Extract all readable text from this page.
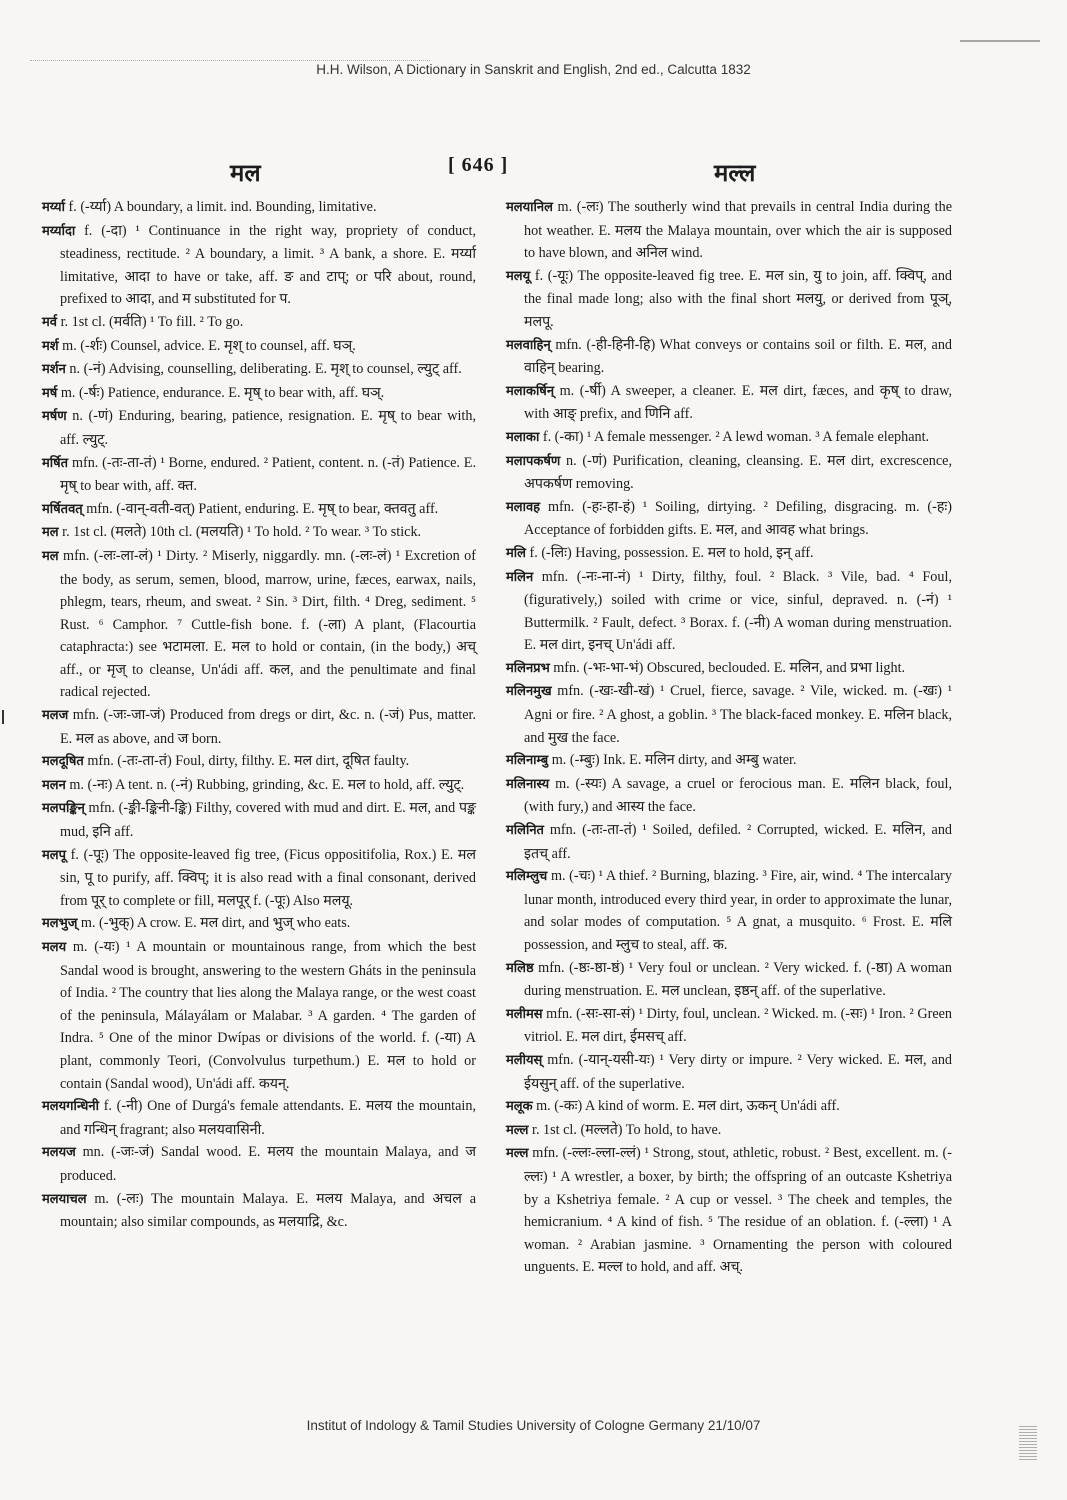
H.H. Wilson, A Dictionary in Sanskrit and English, 2nd ed., Calcutta 1832
मल	[ 646 ]	मल्ल

मर्य्या f. (-र्य्या) A boundary, a limit. ind. Bounding, limitative.

मर्य्यादा f. (-दा) ¹ Continuance in the right way, propriety of conduct, steadiness, rectitude. ² A boundary, a limit. ³ A bank, a shore. E. मर्य्या limitative, आदा to have or take, aff. ङ and टाप्; or परि about, round, prefixed to आदा, and म substituted for प.

मर्व r. 1st cl. (मर्वति) ¹ To fill. ² To go.

मर्श m. (-र्शः) Counsel, advice. E. मृश् to counsel, aff. घञ्.

मर्शन n. (-नं) Advising, counselling, deliberating. E. मृश् to counsel, ल्युट् aff.

मर्ष m. (-र्षः) Patience, endurance. E. मृष् to bear with, aff. घञ्.

मर्षण n. (-णं) Enduring, bearing, patience, resignation. E. मृष् to bear with, aff. ल्युट्.

मर्षित mfn. (-तः-ता-तं) ¹ Borne, endured. ² Patient, content. n. (-तं) Patience. E. मृष् to bear with, aff. क्त.

मर्षितवत् mfn. (-वान्-वती-वत्) Patient, enduring. E. मृष् to bear, क्तवतु aff.

मल r. 1st cl. (मलते) 10th cl. (मलयति) ¹ To hold. ² To wear. ³ To stick.

मल mfn. (-लः-ला-लं) ¹ Dirty. ² Miserly, niggardly. mn. (-लः-लं) ¹ Excretion of the body, as serum, semen, blood, marrow, urine, fæces, earwax, nails, phlegm, tears, rheum, and sweat. ² Sin. ³ Dirt, filth. ⁴ Dreg, sediment. ⁵ Rust. ⁶ Camphor. ⁷ Cuttle-fish bone. f. (-ला) A plant, (Flacourtia cataphracta:) see भटामला. E. मल to hold or contain, (in the body,) अच् aff., or मृज् to cleanse, Un'ádi aff. कल, and the penultimate and final radical rejected.

मलज mfn. (-जः-जा-जं) Produced from dregs or dirt, &c. n. (-जं) Pus, matter. E. मल as above, and ज born.

मलदूषित mfn. (-तः-ता-तं) Foul, dirty, filthy. E. मल dirt, दूषित faulty.

मलन m. (-नः) A tent. n. (-नं) Rubbing, grinding, &c. E. मल to hold, aff. ल्युट्.

मलपङ्किन् mfn. (-ङ्की-ङ्किनी-ङ्कि) Filthy, covered with mud and dirt. E. मल, and पङ्क mud, इनि aff.

मलपू f. (-पूः) The opposite-leaved fig tree, (Ficus oppositifolia, Rox.) E. मल sin, पू to purify, aff. क्विप्; it is also read with a final consonant, derived from पूर् to complete or fill, मलपूर् f. (-पूः) Also मलयू.

मलभुज् m. (-भुक्) A crow. E. मल dirt, and भुज् who eats.

मलय m. (-यः) ¹ A mountain or mountainous range, from which the best Sandal wood is brought, answering to the western Gháts in the peninsula of India. ² The country that lies along the Malaya range, or the west coast of the peninsula, Málayálam or Malabar. ³ A garden. ⁴ The garden of Indra. ⁵ One of the minor Dwípas or divisions of the world. f. (-या) A plant, commonly Teori, (Convolvulus turpethum.) E. मल to hold or contain (Sandal wood), Un'ádi aff. कयन्.

मलयगन्धिनी f. (-नी) One of Durgá's female attendants. E. मलय the mountain, and गन्धिन् fragrant; also मलयवासिनी.

मलयज mn. (-जः-जं) Sandal wood. E. मलय the mountain Malaya, and ज produced.

मलयाचल m. (-लः) The mountain Malaya. E. मलय Malaya, and अचल a mountain; also similar compounds, as मलयाद्रि, &c.

मलयानिल m. (-लः) The southerly wind that prevails in central India during the hot weather. E. मलय the Malaya mountain, over which the air is supposed to have blown, and अनिल wind.

मलयू f. (-यूः) The opposite-leaved fig tree. E. मल sin, यु to join, aff. क्विप्, and the final made long; also with the final short मलयु, or derived from पूञ्, मलपू.

मलवाहिन् mfn. (-ही-हिनी-हि) What conveys or contains soil or filth. E. मल, and वाहिन् bearing.

मलाकर्षिन् m. (-र्षी) A sweeper, a cleaner. E. मल dirt, fæces, and कृष् to draw, with आङ् prefix, and णिनि aff.

मलाका f. (-का) ¹ A female messenger. ² A lewd woman. ³ A female elephant.

मलापकर्षण n. (-णं) Purification, cleaning, cleansing. E. मल dirt, excrescence, अपकर्षण removing.

मलावह mfn. (-हः-हा-हं) ¹ Soiling, dirtying. ² Defiling, disgracing. m. (-हः) Acceptance of forbidden gifts. E. मल, and आवह what brings.

मलि f. (-लिः) Having, possession. E. मल to hold, इन् aff.

मलिन mfn. (-नः-ना-नं) ¹ Dirty, filthy, foul. ² Black. ³ Vile, bad. ⁴ Foul, (figuratively,) soiled with crime or vice, sinful, depraved. n. (-नं) ¹ Buttermilk. ² Fault, defect. ³ Borax. f. (-नी) A woman during menstruation. E. मल dirt, इनच् Un'ádi aff.

मलिनप्रभ mfn. (-भः-भा-भं) Obscured, beclouded. E. मलिन, and प्रभा light.

मलिनमुख mfn. (-खः-खी-खं) ¹ Cruel, fierce, savage. ² Vile, wicked. m. (-खः) ¹ Agni or fire. ² A ghost, a goblin. ³ The black-faced monkey. E. मलिन black, and मुख the face.

मलिनाम्बु m. (-म्बुः) Ink. E. मलिन dirty, and अम्बु water.

मलिनास्य m. (-स्यः) A savage, a cruel or ferocious man. E. मलिन black, foul, (with fury,) and आस्य the face.

मलिनित mfn. (-तः-ता-तं) ¹ Soiled, defiled. ² Corrupted, wicked. E. मलिन, and इतच् aff.

मलिम्लुच m. (-चः) ¹ A thief. ² Burning, blazing. ³ Fire, air, wind. ⁴ The intercalary lunar month, introduced every third year, in order to approximate the lunar, and solar modes of computation. ⁵ A gnat, a musquito. ⁶ Frost. E. मलि possession, and म्लुच to steal, aff. क.

मलिष्ठ mfn. (-ष्ठः-ष्ठा-ष्ठं) ¹ Very foul or unclean. ² Very wicked. f. (-ष्ठा) A woman during menstruation. E. मल unclean, इष्ठन् aff. of the superlative.

मलीमस mfn. (-सः-सा-सं) ¹ Dirty, foul, unclean. ² Wicked. m. (-सः) ¹ Iron. ² Green vitriol. E. मल dirt, ईमसच् aff.

मलीयस् mfn. (-यान्-यसी-यः) ¹ Very dirty or impure. ² Very wicked. E. मल, and ईयसुन् aff. of the superlative.

मलूक m. (-कः) A kind of worm. E. मल dirt, ऊकन् Un'ádi aff.

मल्ल r. 1st cl. (मल्लते) To hold, to have.

मल्ल mfn. (-ल्लः-ल्ला-ल्लं) ¹ Strong, stout, athletic, robust. ² Best, excellent. m. (-ल्लः) ¹ A wrestler, a boxer, by birth; the offspring of an outcaste Kshetriya by a Kshetriya female. ² A cup or vessel. ³ The cheek and temples, the hemicranium. ⁴ A kind of fish. ⁵ The residue of an oblation. f. (-ल्ला) ¹ A woman. ² Arabian jasmine. ³ Ornamenting the person with coloured unguents. E. मल्ल to hold, and aff. अच्.

Institut of Indology & Tamil Studies University of Cologne Germany 21/10/07
